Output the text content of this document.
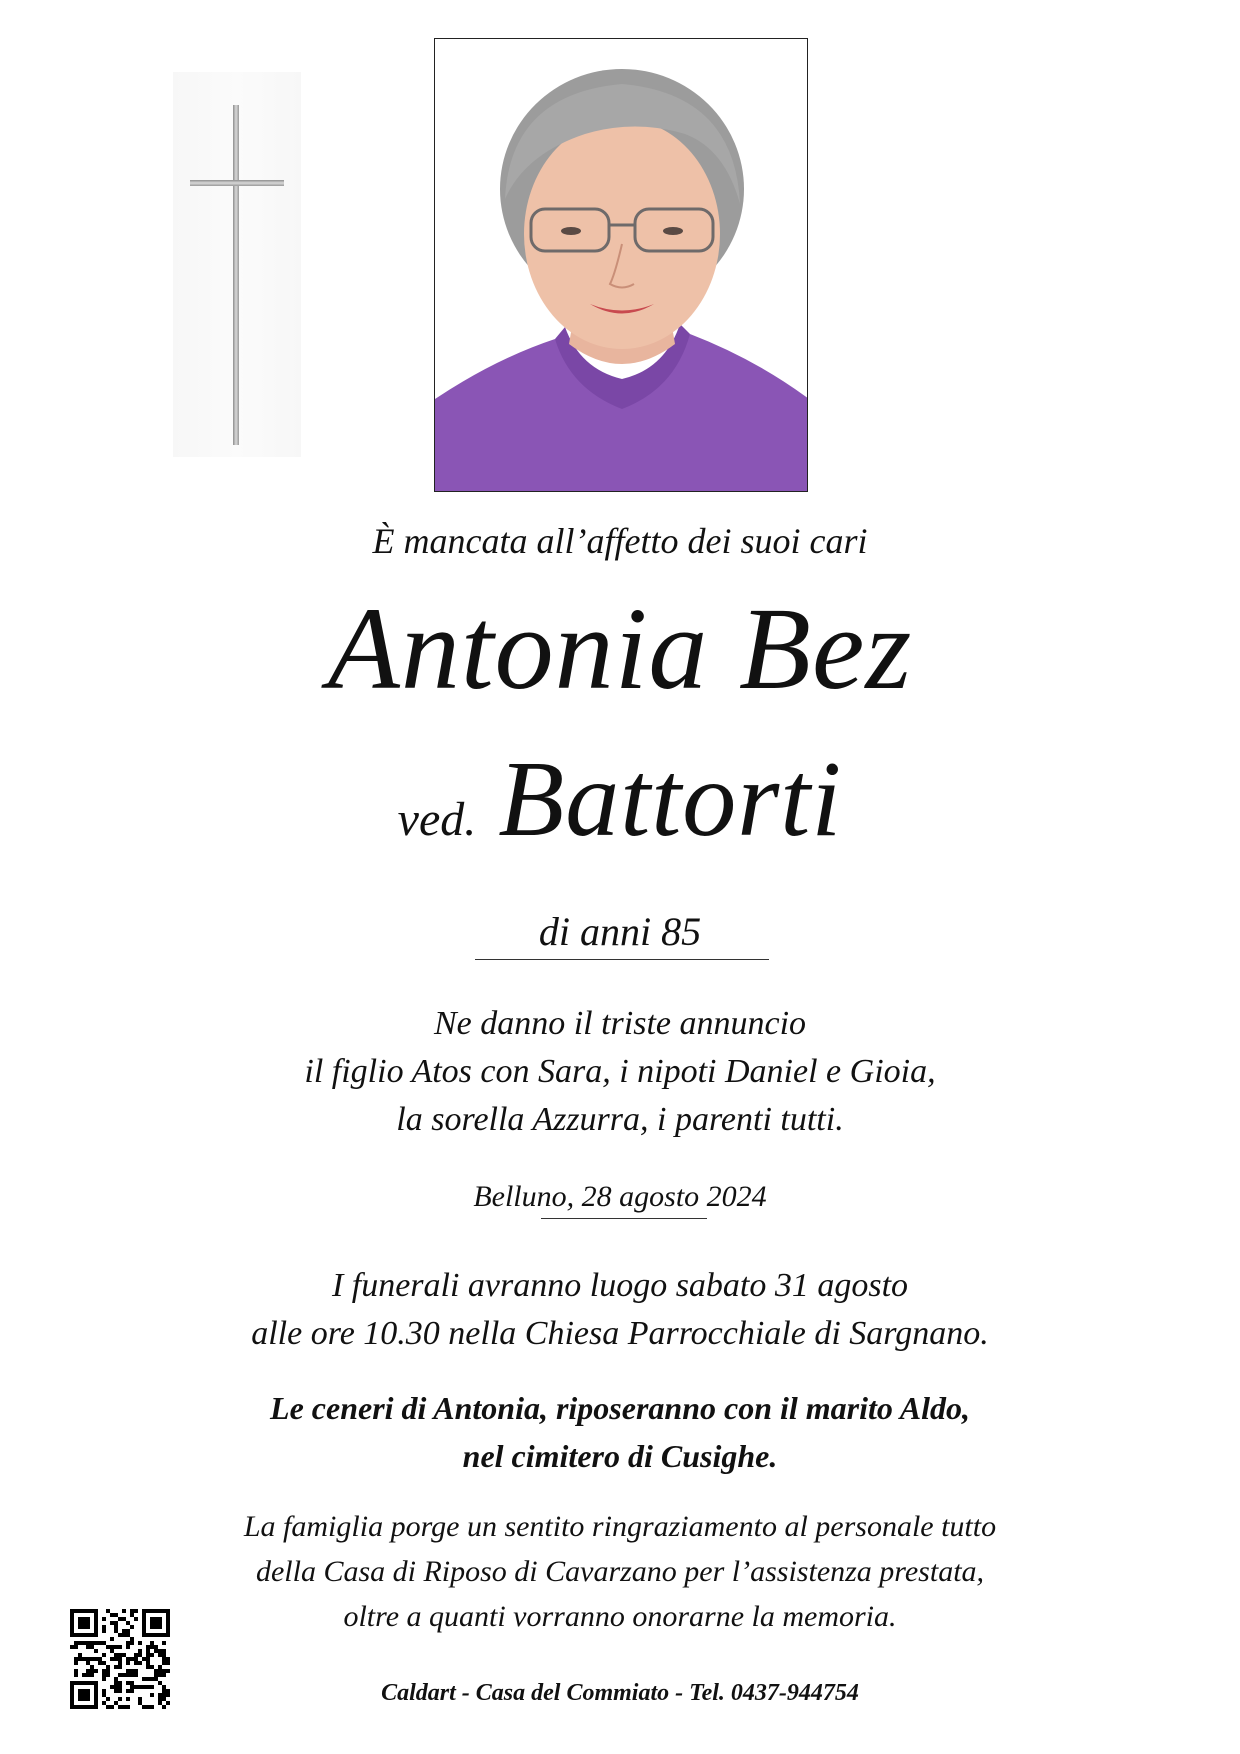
È mancata all’affetto dei suoi cari
Antonia Bez
ved. Battorti
di anni 85
Ne danno il triste annuncio
il figlio Atos con Sara, i nipoti Daniel e Gioia,
la sorella Azzurra, i parenti tutti.
Belluno, 28 agosto 2024
I funerali avranno luogo sabato 31 agosto
alle ore 10.30 nella Chiesa Parrocchiale di Sargnano.
Le ceneri di Antonia, riposeranno con il marito Aldo,
nel cimitero di Cusighe.
La famiglia porge un sentito ringraziamento al personale tutto
della Casa di Riposo di Cavarzano per l’assistenza prestata,
oltre a quanti vorranno onorarne la memoria.
Caldart - Casa del Commiato - Tel. 0437-944754
